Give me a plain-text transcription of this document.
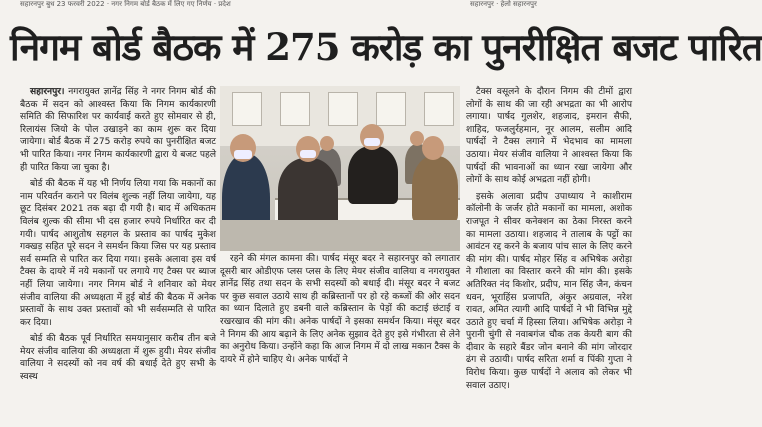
सहारनपुर बुध 23 फरवरी 2022 · नगर निगम बोर्ड बैठक में लिए गए निर्णय · प्रदेश	सहारनपुर · हेलो सहारनपुर
निगम बोर्ड बैठक में 275 करोड़ का पुनरीक्षित बजट पारित

सहारनपुर। नगरायुक्त ज्ञानेंद्र सिंह ने नगर निगम बोर्ड की बैठक में सदन को आश्वस्त किया कि निगम कार्यकारणी समिति की सिफारिश पर कार्यवाई करते हुए सोमवार से ही, रिलायंस जियो के पोल उखाड़ने का काम शुरू कर दिया जायेगा। बोर्ड बैठक में 275 करोड़ रुपये का पुनरीक्षित बजट भी पारित किया। नगर निगम कार्यकारणी द्वारा ये बजट पहले ही पारित किया जा चुका है।

बोर्ड की बैठक में यह भी निर्णय लिया गया कि मकानों का नाम परिवर्तन कराने पर विलंब शुल्क नहीं लिया जायेगा, यह छूट दिसंबर 2021 तक बढ़ा दी गयी है। बाद में अधिकतम विलंब शुल्क की सीमा भी दस हजार रुपये निर्धारित कर दी गयी। पार्षद आशुतोष सहगल के प्रस्ताव का पार्षद मुकेश गक्खड़ सहित पूरे सदन ने समर्थन किया जिस पर यह प्रस्ताव सर्व सम्मति से पारित कर दिया गया। इसके अलावा इस वर्ष टैक्स के दायरे में नये मकानों पर लगाये गए टैक्स पर ब्याज नहीं लिया जायेगा। नगर निगम बोर्ड ने शनिवार को मेयर संजीव वालिया की अध्यक्षता में हुई बोर्ड की बैठक में अनेक प्रस्तावों के साथ उक्त प्रस्तावों को भी सर्वसम्मति से पारित कर दिया।

बोर्ड की बैठक पूर्व निर्धारित समयानुसार करीब तीन बजे मेयर संजीव वालिया की अध्यक्षता में शुरू हुयी। मेयर संजीव वालिया ने सदस्यों को नव वर्ष की बधाई देते हुए सभी के स्वस्थ

रहने की मंगल कामना की। पार्षद मंसूर बदर ने सहारनपुर को लगातार दूसरी बार ओडीएफ प्लस प्लस के लिए मेयर संजीव वालिया व नगरायुक्त ज्ञानेंद्र सिंह तथा सदन के सभी सदस्यों को बधाई दी। मंसूर बदर ने बजट पर कुछ सवाल उठाये साथ ही कब्रिस्तानों पर हो रहे कब्जों की ओर सदन का ध्यान दिलाते हुए डबनी वाले कब्रिस्तान के पेड़ों की कटाई छंटाई व रखरखाव की मांग की। अनेक पार्षदों ने इसका समर्थन किया। मंसूर बदर ने निगम की आय बढ़ाने के लिए अनेक सुझाव देते हुए इसे गंभीरता से लेने का अनुरोध किया। उन्होंने कहा कि आज निगम में दो लाख मकान टैक्स के दायरे में होने चाहिए थे। अनेक पार्षदों ने

टैक्स वसूलने के दौरान निगम की टीमों द्वारा लोगों के साथ की जा रही अभद्रता का भी आरोप लगाया। पार्षद गुलशेर, शहजाद, इमरान सैफी, शाहिद, फजलुर्रहमान, नूर आलम, सलीम आदि पार्षदों ने टैक्स लगाने में भेदभाव का मामला उठाया। मेयर संजीव वालिया ने आश्वस्त किया कि पार्षदों की भावनाओं का ध्यान रखा जायेगा और लोगों के साथ कोई अभद्रता नहीं होगी।

इसके अलावा प्रदीप उपाध्याय ने काशीराम कॉलोनी के जर्जर होते मकानों का मामला, अशोक राजपूत ने सीवर कनेक्शन का ठेका निरस्त करने का मामला उठाया। शहजाद ने तालाब के पट्टों का आवंटन रद्द करने के बजाय पांच साल के लिए करने की मांग की। पार्षद मोहर सिंह व अभिषेक अरोड़ा ने गौशाला का विस्तार करने की मांग की। इसके अतिरिक्त नंद किशोर, प्रदीप, मान सिंह जैन, कंचन धवन, भूराहिंस प्रजापति, अंकुर अग्रवाल, नरेश रावत, अमित त्यागी आदि पार्षदों ने भी विभिन्न मुद्दे उठाते हुए चर्चा में हिस्सा लिया। अभिषेक अरोड़ा ने पुरानी चुंगी से नवाबगंज चौक तक केयरी बाग की दीवार के सहारे बैंडर जोन बनाने की मांग जोरदार ढंग से उठायी। पार्षद सरिता शर्मा व पिंकी गुप्ता ने विरोध किया। कुछ पार्षदों ने अलाव को लेकर भी सवाल उठाए।
